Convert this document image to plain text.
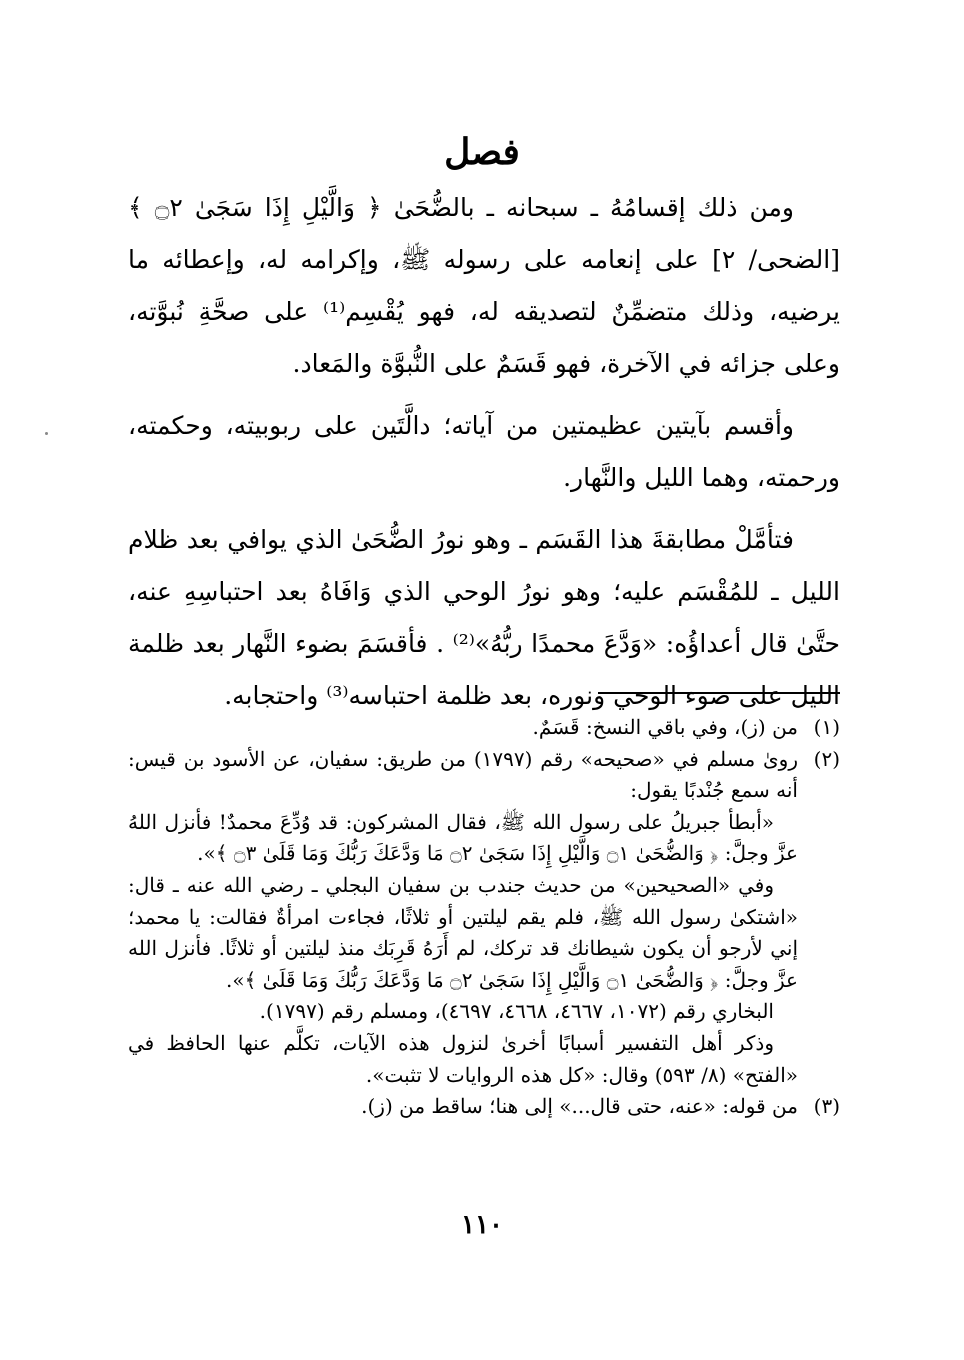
فصل

ومن ذلك إقسامُهُ ـ سبحانه ـ بالضُّحَىٰ ﴿ وَالَّيْلِ إِذَا سَجَىٰ ۝٢ ﴾ [الضحى/ ٢] على إنعامه على رسوله ﷺ، وإكرامه له، وإعطائه ما يرضيه، وذلك متضمِّنٌ لتصديقه له، فهو يُقْسِم⁽¹⁾ على صحَّةِ نُبوَّته، وعلى جزائه في الآخرة، فهو قَسَمٌ على النُّبوَّة والمَعاد.

وأقسم بآيتين عظيمتين من آياته؛ دالَّتَين على ربوبيته، وحكمته، ورحمته، وهما الليل والنَّهار.

فتأمَّلْ مطابقةَ هذا القَسَم ـ وهو نورُ الضُّحَىٰ الذي يوافي بعد ظلام الليل ـ للمُقْسَم عليه؛ وهو نورُ الوحي الذي وَافَاهُ بعد احتباسِهِ عنه، حتَّىٰ قال أعداؤُه: «وَدَّعَ محمدًا ربُّهُ»⁽²⁾ . فأقسَمَ بضوء النَّهار بعد ظلمة الليل على ضوء الوحي ونوره، بعد ظلمة احتباسه⁽³⁾ واحتجابه.

(١)

من (ز)، وفي باقي النسخ: قَسَمٌ.

(٢)

روىٰ مسلم في «صحيحه» رقم (١٧٩٧) من طريق: سفيان، عن الأسود بن قيس: أنه سمع جُنْدبًا يقول:

«أبطأ جبريلُ على رسول الله ﷺ، فقال المشركون: قد وُدِّعَ محمدٌ! فأنزل اللهُ عزَّ وجلَّ: ﴿ وَالضُّحَىٰ ۝١ وَالَّيْلِ إِذَا سَجَىٰ ۝٢ مَا وَدَّعَكَ رَبُّكَ وَمَا قَلَىٰ ۝٣ ﴾».

وفي «الصحيحين» من حديث جندب بن سفيان البجلي ـ رضي الله عنه ـ قال: «اشتكىٰ رسول الله ﷺ، فلم يقم ليلتين أو ثلاثًا، فجاءت امرأةٌ فقالت: يا محمد؛ إني لأرجو أن يكون شيطانك قد تركك، لم أَرَهُ قَرِبَك منذ ليلتين أو ثلاثًا. فأنزل الله عزَّ وجلَّ: ﴿ وَالضُّحَىٰ ۝١ وَالَّيْلِ إِذَا سَجَىٰ ۝٢ مَا وَدَّعَكَ رَبُّكَ وَمَا قَلَىٰ ﴾».

البخاري رقم (١٠٧٢، ٤٦٦٧، ٤٦٦٨، ٤٦٩٧)، ومسلم رقم (١٧٩٧).

وذكر أهل التفسير أسبابًا أخرىٰ لنزول هذه الآيات، تكلَّم عنها الحافظ في «الفتح» (٨/ ٥٩٣) وقال: «كل هذه الروايات لا تثبت».

(٣)

من قوله: «عنه، حتى قال...» إلى هنا؛ ساقط من (ز).

١١٠
